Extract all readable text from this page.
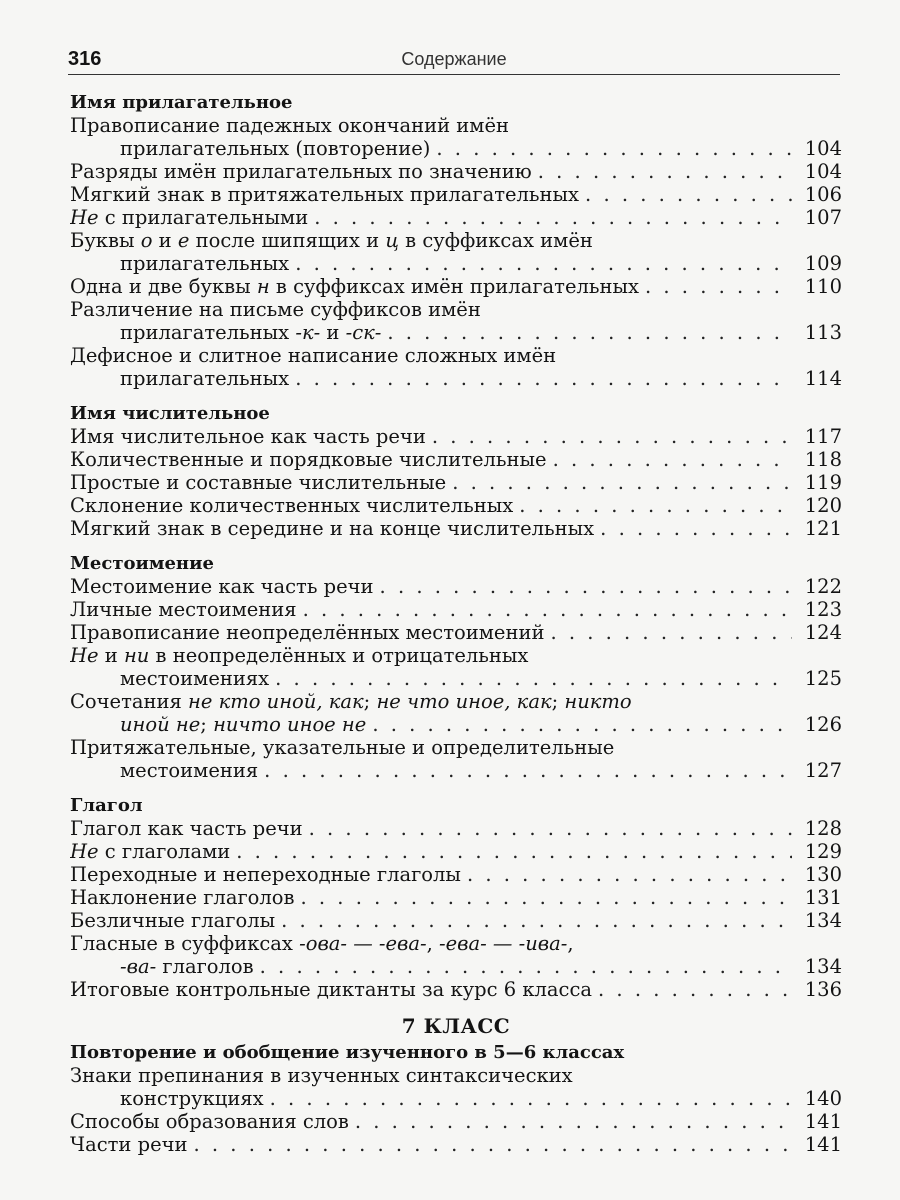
316	Содержание
Имя прилагательное
Правописание падежных окончаний имён
прилагательных (повторение) . . .	104
Разряды имён прилагательных по значению . . .	104
Мягкий знак в притяжательных прилагательных . . .	106
Не с прилагательными . . .	107
Буквы о и е после шипящих и ц в суффиксах имён
прилагательных . . .	109
Одна и две буквы н в суффиксах имён прилагательных . . .	110
Различение на письме суффиксов имён
прилагательных -к- и -ск- . . .	113
Дефисное и слитное написание сложных имён
прилагательных . . .	114
Имя числительное
Имя числительное как часть речи . . .	117
Количественные и порядковые числительные . . .	118
Простые и составные числительные . . .	119
Склонение количественных числительных . . .	120
Мягкий знак в середине и на конце числительных . . .	121
Местоимение
Местоимение как часть речи . . .	122
Личные местоимения . . .	123
Правописание неопределённых местоимений . . .	124
Не и ни в неопределённых и отрицательных
местоимениях . . .	125
Сочетания не кто иной, как; не что иное, как; никто
иной не; ничто иное не . . .	126
Притяжательные, указательные и определительные
местоимения . . .	127
Глагол
Глагол как часть речи . . .	128
Не с глаголами . . .	129
Переходные и непереходные глаголы . . .	130
Наклонение глаголов . . .	131
Безличные глаголы . . .	134
Гласные в суффиксах -ова- — -ева-, -ева- — -ива-,
-ва- глаголов . . .	134
Итоговые контрольные диктанты за курс 6 класса . . .	136
7 КЛАСС
Повторение и обобщение изученного в 5—6 классах
Знаки препинания в изученных синтаксических
конструкциях . . .	140
Способы образования слов . . .	141
Части речи . . .	141
